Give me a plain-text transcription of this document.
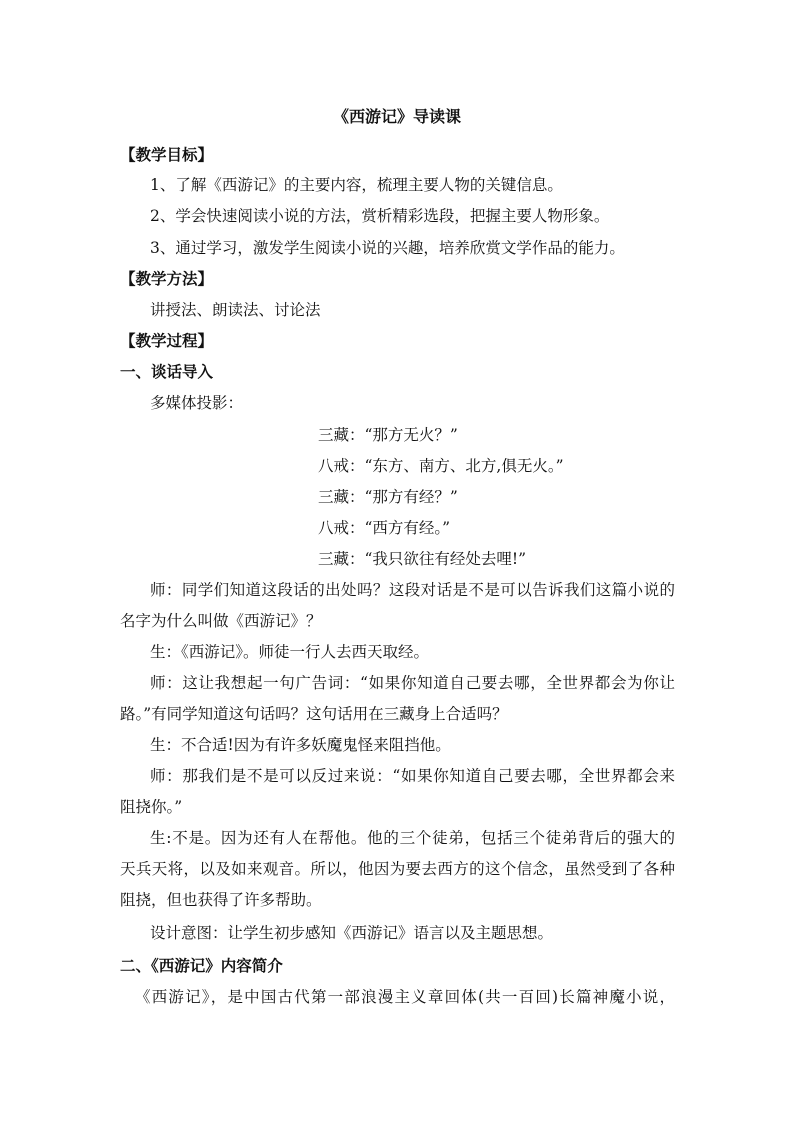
《西游记》导读课
【教学目标】
1、了解《西游记》的主要内容，梳理主要人物的关键信息。
2、学会快速阅读小说的方法，赏析精彩选段，把握主要人物形象。
3、通过学习，激发学生阅读小说的兴趣，培养欣赏文学作品的能力。
【教学方法】
讲授法、朗读法、讨论法
【教学过程】
一、谈话导入
多媒体投影：
三藏：“那方无火？”
八戒：“东方、南方、北方,俱无火。”
三藏：“那方有经？”
八戒：“西方有经。”
三藏：“我只欲往有经处去哩!”
师：同学们知道这段话的出处吗？这段对话是不是可以告诉我们这篇小说的
名字为什么叫做《西游记》？
生：《西游记》。师徒一行人去西天取经。
师：这让我想起一句广告词：“如果你知道自己要去哪，全世界都会为你让
路。”有同学知道这句话吗？这句话用在三藏身上合适吗？
生：不合适!因为有许多妖魔鬼怪来阻挡他。
师：那我们是不是可以反过来说：“如果你知道自己要去哪，全世界都会来
阻挠你。”
生:不是。因为还有人在帮他。他的三个徒弟，包括三个徒弟背后的强大的
天兵天将，以及如来观音。所以，他因为要去西方的这个信念，虽然受到了各种
阻挠，但也获得了许多帮助。
设计意图：让学生初步感知《西游记》语言以及主题思想。
二、《西游记》内容简介
《西游记》，是中国古代第一部浪漫主义章回体(共一百回)长篇神魔小说，
